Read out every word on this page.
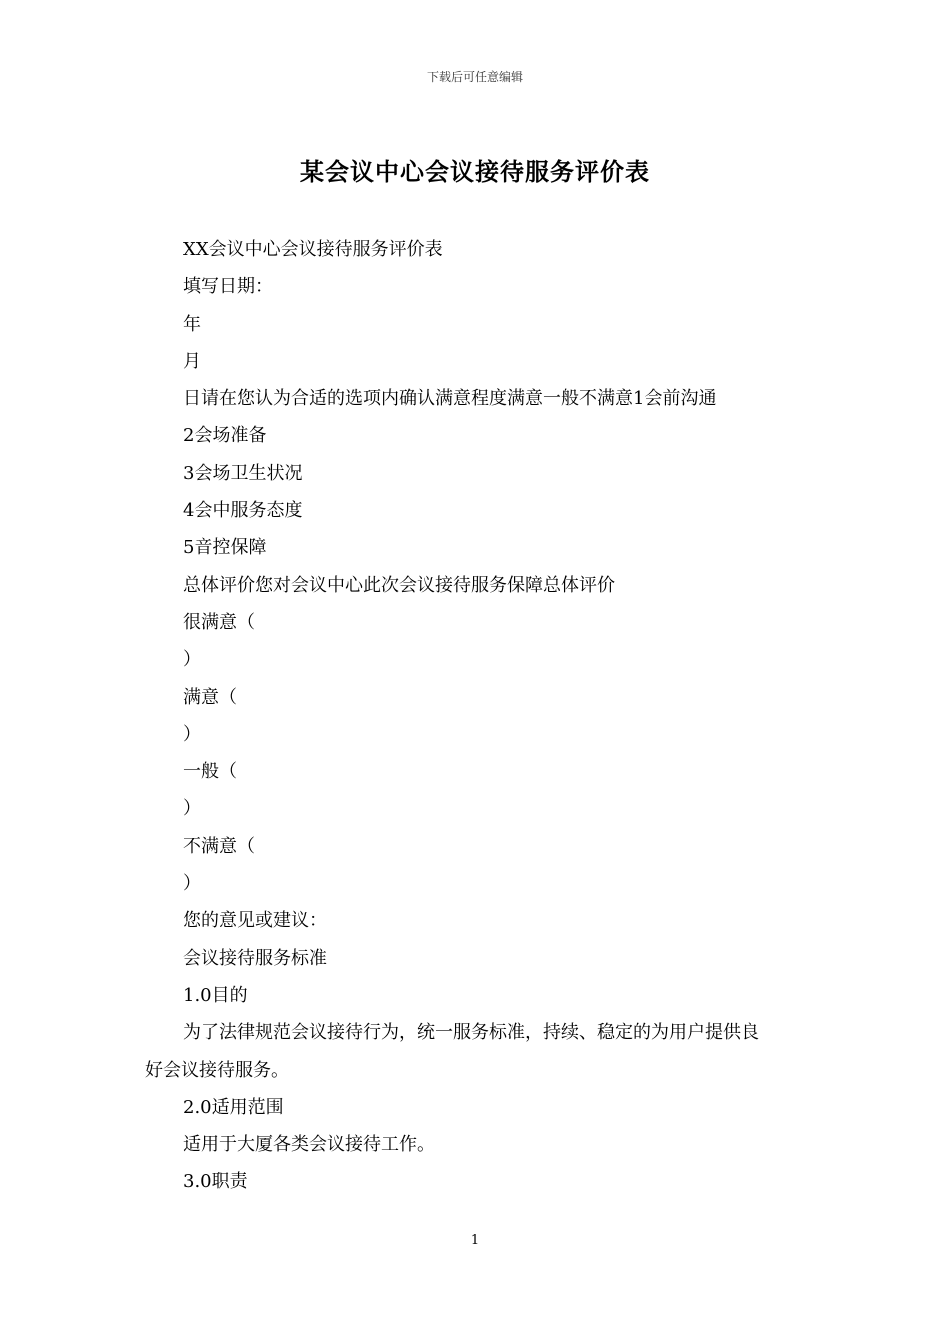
下载后可任意编辑
某会议中心会议接待服务评价表
XX会议中心会议接待服务评价表
填写日期：
年
月
日请在您认为合适的选项内确认满意程度满意一般不满意1会前沟通
2会场准备
3会场卫生状况
4会中服务态度
5音控保障
总体评价您对会议中心此次会议接待服务保障总体评价
很满意（
）
满意（
）
一般（
）
不满意（
）
您的意见或建议：
会议接待服务标准
1.0目的
为了法律规范会议接待行为，统一服务标准，持续、稳定的为用户提供良
好会议接待服务。
2.0适用范围
适用于大厦各类会议接待工作。
3.0职责
1
